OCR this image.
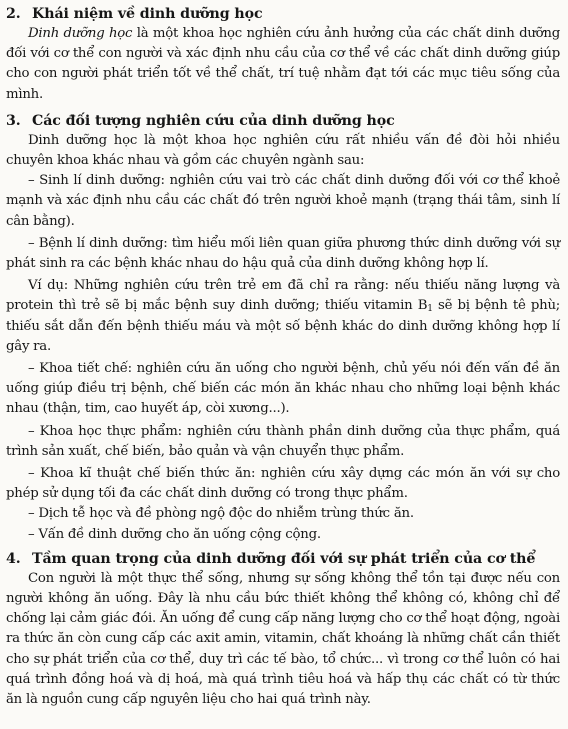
2. Khái niệm về dinh dưỡng học

Dinh dưỡng học là một khoa học nghiên cứu ảnh hưởng của các chất dinh dưỡng đối với cơ thể con người và xác định nhu cầu của cơ thể về các chất dinh dưỡng giúp cho con người phát triển tốt về thể chất, trí tuệ nhằm đạt tới các mục tiêu sống của mình.

3. Các đối tượng nghiên cứu của dinh dưỡng học

Dinh dưỡng học là một khoa học nghiên cứu rất nhiều vấn đề đòi hỏi nhiều chuyên khoa khác nhau và gồm các chuyên ngành sau:

– Sinh lí dinh dưỡng: nghiên cứu vai trò các chất dinh dưỡng đối với cơ thể khoẻ mạnh và xác định nhu cầu các chất đó trên người khoẻ mạnh (trạng thái tâm, sinh lí cân bằng).

– Bệnh lí dinh dưỡng: tìm hiểu mối liên quan giữa phương thức dinh dưỡng với sự phát sinh ra các bệnh khác nhau do hậu quả của dinh dưỡng không hợp lí.

Ví dụ: Những nghiên cứu trên trẻ em đã chỉ ra rằng: nếu thiếu năng lượng và protein thì trẻ sẽ bị mắc bệnh suy dinh dưỡng; thiếu vitamin $B_1$ sẽ bị bệnh tê phù; thiếu sắt dẫn đến bệnh thiếu máu và một số bệnh khác do dinh dưỡng không hợp lí gây ra.

– Khoa tiết chế: nghiên cứu ăn uống cho người bệnh, chủ yếu nói đến vấn đề ăn uống giúp điều trị bệnh, chế biến các món ăn khác nhau cho những loại bệnh khác nhau (thận, tim, cao huyết áp, còi xương...).

– Khoa học thực phẩm: nghiên cứu thành phần dinh dưỡng của thực phẩm, quá trình sản xuất, chế biến, bảo quản và vận chuyển thực phẩm.

– Khoa kĩ thuật chế biến thức ăn: nghiên cứu xây dựng các món ăn với sự cho phép sử dụng tối đa các chất dinh dưỡng có trong thực phẩm.

– Dịch tễ học và đề phòng ngộ độc do nhiễm trùng thức ăn.

– Vấn đề dinh dưỡng cho ăn uống cộng cộng.

4. Tầm quan trọng của dinh dưỡng đối với sự phát triển của cơ thể

Con người là một thực thể sống, nhưng sự sống không thể tồn tại được nếu con người không ăn uống. Đây là nhu cầu bức thiết không thể không có, không chỉ để chống lại cảm giác đói. Ăn uống để cung cấp năng lượng cho cơ thể hoạt động, ngoài ra thức ăn còn cung cấp các axit amin, vitamin, chất khoáng là những chất cần thiết cho sự phát triển của cơ thể, duy trì các tế bào, tổ chức... vì trong cơ thể luôn có hai quá trình đồng hoá và dị hoá, mà quá trình tiêu hoá và hấp thụ các chất có từ thức ăn là nguồn cung cấp nguyên liệu cho hai quá trình này.
